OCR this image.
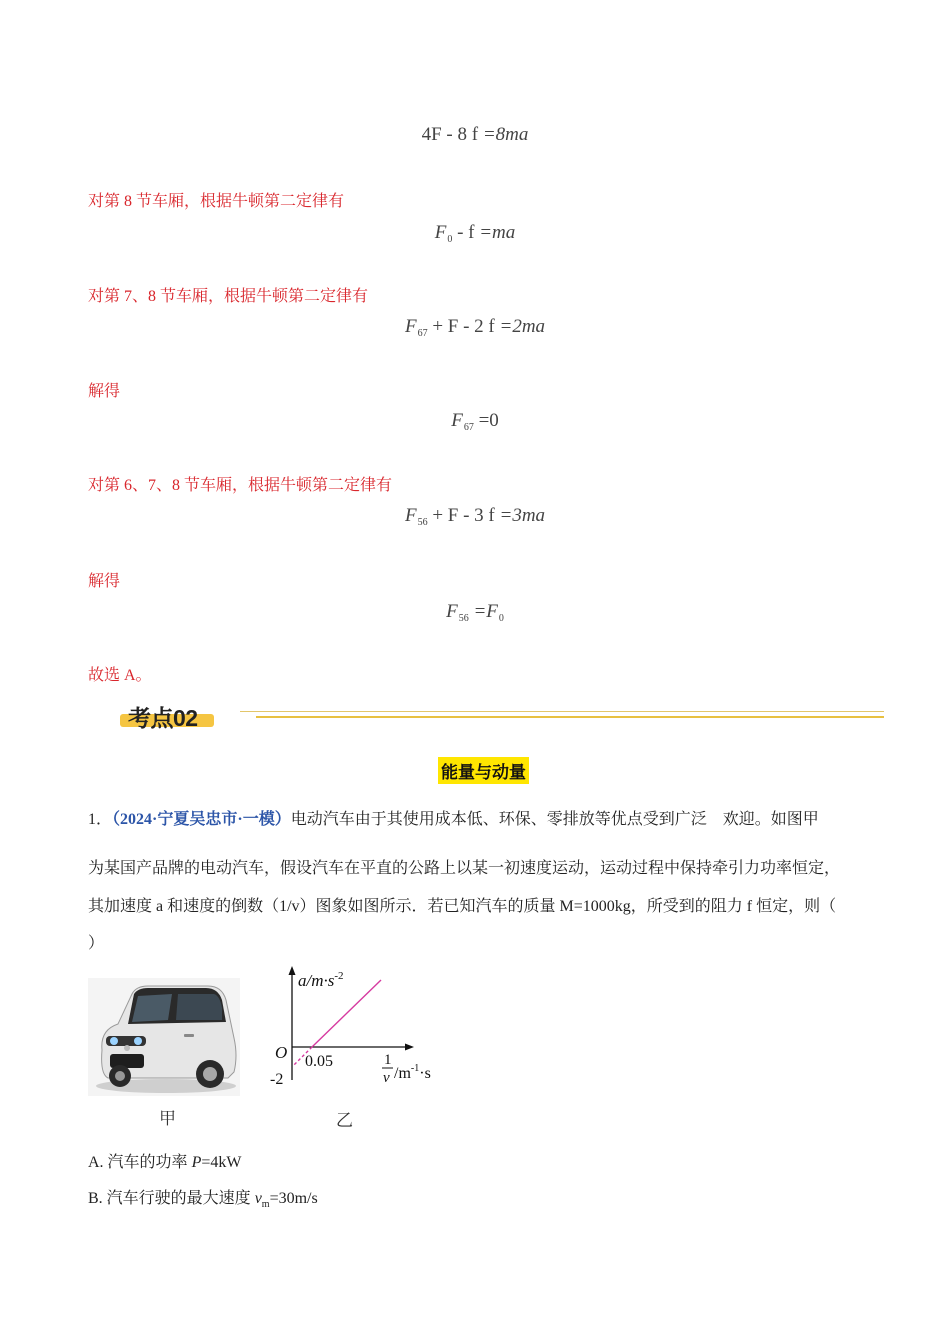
4F - 8 f =8ma
对第 8 节车厢，根据牛顿第二定律有
$F_0 - f =ma$
对第 7、8 节车厢，根据牛顿第二定律有
$F_{67} + F - 2$ f =2ma
解得
$F_{67} =0$
对第 6、7、8 节车厢，根据牛顿第二定律有
$F_{56} + F - 3$ f =3ma
解得
$F_{56} =F_0$
故选 A。
考点02
能量与动量
1．（2024·宁夏吴忠市·一模）电动汽车由于其使用成本低、环保、零排放等优点受到广泛　欢迎。如图甲
为某国产品牌的电动汽车，假设汽车在平直的公路上以某一初速度运动，运动过程中保持牵引力功率恒定，
其加速度 a 和速度的倒数（1/v）图象如图所示．若已知汽车的质量 M=1000kg，所受到的阻力 f 恒定，则（
）
甲
$a/m\cdot s^{-2}$
O 0.05
-2
1
v $/m^{-1}\cdot s$
乙
A. 汽车的功率 P=4kW
B. 汽车行驶的最大速度 $v_m=30m/s$
